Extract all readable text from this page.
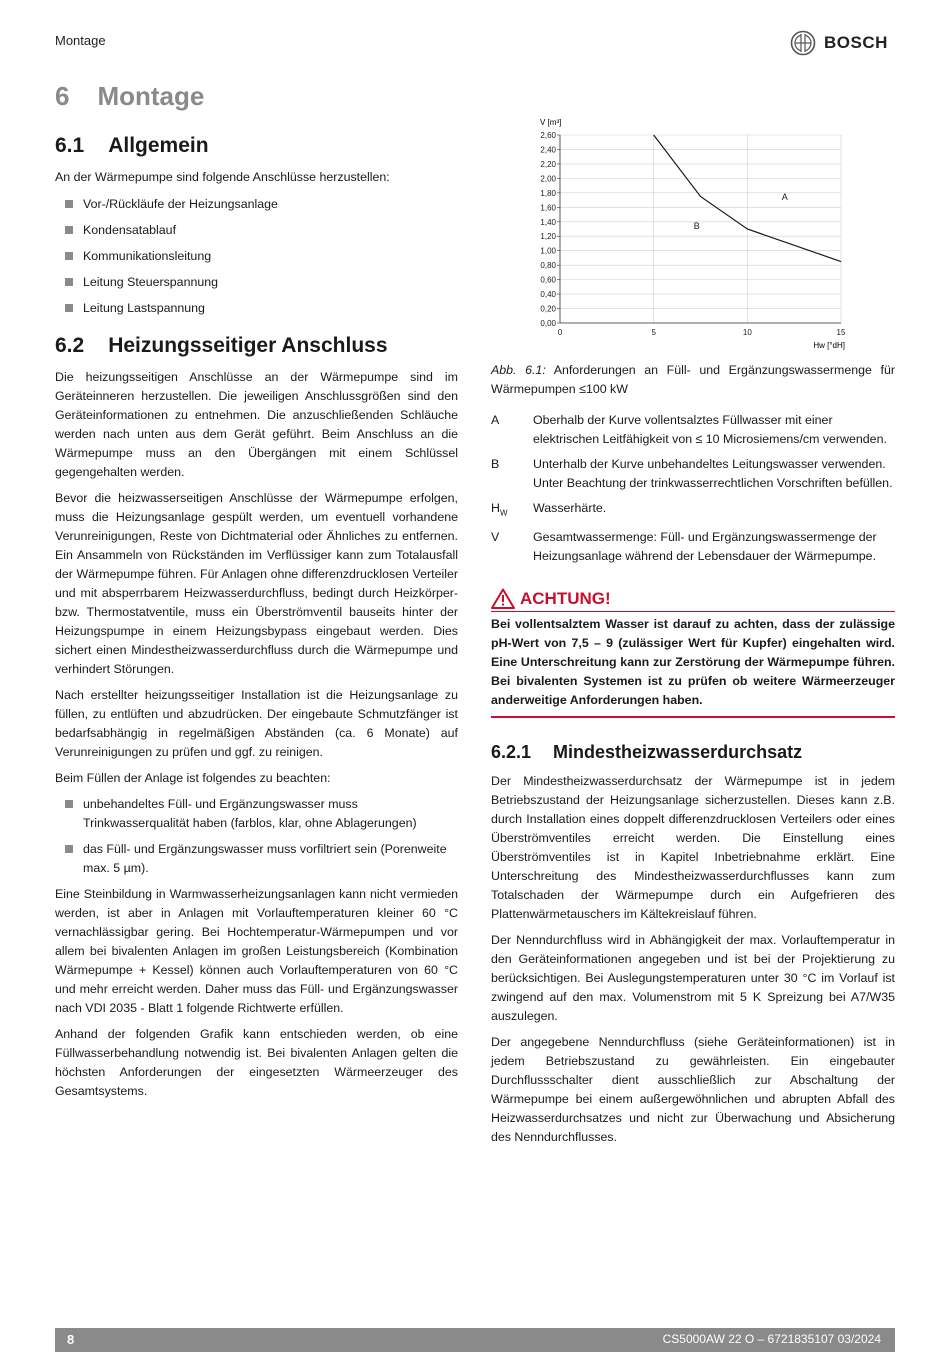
Montage	BOSCH
6 Montage
6.1 Allgemein

An der Wärmepumpe sind folgende Anschlüsse herzustellen:

Vor-/Rückläufe der Heizungsanlage
Kondensatablauf
Kommunikationsleitung
Leitung Steuerspannung
Leitung Lastspannung
6.2 Heizungsseitiger Anschluss

Die heizungsseitigen Anschlüsse an der Wärmepumpe sind im Geräteinneren herzustellen. Die jeweiligen Anschlussgrößen sind den Geräteinformationen zu entnehmen. Die anzuschließenden Schläuche werden nach unten aus dem Gerät geführt. Beim Anschluss an die Wärmepumpe muss an den Übergängen mit einem Schlüssel gegengehalten werden.

Bevor die heizwasserseitigen Anschlüsse der Wärmepumpe erfolgen, muss die Heizungsanlage gespült werden, um eventuell vorhandene Verunreinigungen, Reste von Dichtmaterial oder Ähnliches zu entfernen. Ein Ansammeln von Rückständen im Verflüssiger kann zum Totalausfall der Wärmepumpe führen. Für Anlagen ohne differenzdrucklosen Verteiler und mit absperrbarem Heizwasserdurchfluss, bedingt durch Heizkörper- bzw. Thermostatventile, muss ein Überströmventil bauseits hinter der Heizungspumpe in einem Heizungsbypass eingebaut werden. Dies sichert einen Mindestheizwasserdurchfluss durch die Wärmepumpe und verhindert Störungen.

Nach erstellter heizungsseitiger Installation ist die Heizungsanlage zu füllen, zu entlüften und abzudrücken. Der eingebaute Schmutzfänger ist bedarfsabhängig in regelmäßigen Abständen (ca. 6 Monate) auf Verunreinigungen zu prüfen und ggf. zu reinigen.

Beim Füllen der Anlage ist folgendes zu beachten:

unbehandeltes Füll- und Ergänzungswasser muss Trinkwasserqualität haben (farblos, klar, ohne Ablagerungen)
das Füll- und Ergänzungswasser muss vorfiltriert sein (Porenweite max. 5 µm).

Eine Steinbildung in Warmwasserheizungsanlagen kann nicht vermieden werden, ist aber in Anlagen mit Vorlauftemperaturen kleiner 60 °C vernachlässigbar gering. Bei Hochtemperatur-Wärmepumpen und vor allem bei bivalenten Anlagen im großen Leistungsbereich (Kombination Wärmepumpe + Kessel) können auch Vorlauftemperaturen von 60 °C und mehr erreicht werden. Daher muss das Füll- und Ergänzungswasser nach VDI 2035 - Blatt 1 folgende Richtwerte erfüllen.

Anhand der folgenden Grafik kann entschieden werden, ob eine Füllwasserbehandlung notwendig ist. Bei bivalenten Anlagen gelten die höchsten Anforderungen der eingesetzten Wärmeerzeuger des Gesamtsystems.

V [m³]
0,00
0,20
0,40
0,60
0,80
1,00
1,20
1,40
1,60
1,80
2,00
2,20
2,40
2,60
0	5	10	15
A
B
Hw [°dH]

Abb. 6.1: Anforderungen an Füll- und Ergänzungswassermenge für Wärmepumpen ≤100 kW

A	Oberhalb der Kurve vollentsalztes Füllwasser mit einer elektrischen Leitfähigkeit von ≤ 10 Microsiemens/cm verwenden.
B	Unterhalb der Kurve unbehandeltes Leitungswasser verwenden. Unter Beachtung der trinkwasserrechtlichen Vorschriften befüllen.
$H_W$	Wasserhärte.
V	Gesamtwassermenge: Füll- und Ergänzungswassermenge der Heizungsanlage während der Lebensdauer der Wärmepumpe.
ACHTUNG!

Bei vollentsalztem Wasser ist darauf zu achten, dass der zulässige pH-Wert von 7,5 – 9 (zulässiger Wert für Kupfer) eingehalten wird. Eine Unterschreitung kann zur Zerstörung der Wärmepumpe führen. Bei bivalenten Systemen ist zu prüfen ob weitere Wärmeerzeuger anderweitige Anforderungen haben.

6.2.1 Mindestheizwasserdurchsatz

Der Mindestheizwasserdurchsatz der Wärmepumpe ist in jedem Betriebszustand der Heizungsanlage sicherzustellen. Dieses kann z.B. durch Installation eines doppelt differenzdrucklosen Verteilers oder eines Überströmventiles erreicht werden. Die Einstellung eines Überströmventiles ist in Kapitel Inbetriebnahme erklärt. Eine Unterschreitung des Mindestheizwasserdurchflusses kann zum Totalschaden der Wärmepumpe durch ein Aufgefrieren des Plattenwärmetauschers im Kältekreislauf führen.

Der Nenndurchfluss wird in Abhängigkeit der max. Vorlauftemperatur in den Geräteinformationen angegeben und ist bei der Projektierung zu berücksichtigen. Bei Auslegungstemperaturen unter 30 °C im Vorlauf ist zwingend auf den max. Volumenstrom mit 5 K Spreizung bei A7/W35 auszulegen.

Der angegebene Nenndurchfluss (siehe Geräteinformationen) ist in jedem Betriebszustand zu gewährleisten. Ein eingebauter Durchflussschalter dient ausschließlich zur Abschaltung der Wärmepumpe bei einem außergewöhnlichen und abrupten Abfall des Heizwasserdurchsatzes und nicht zur Überwachung und Absicherung des Nenndurchflusses.

8	CS5000AW 22 O – 6721835107 03/2024
